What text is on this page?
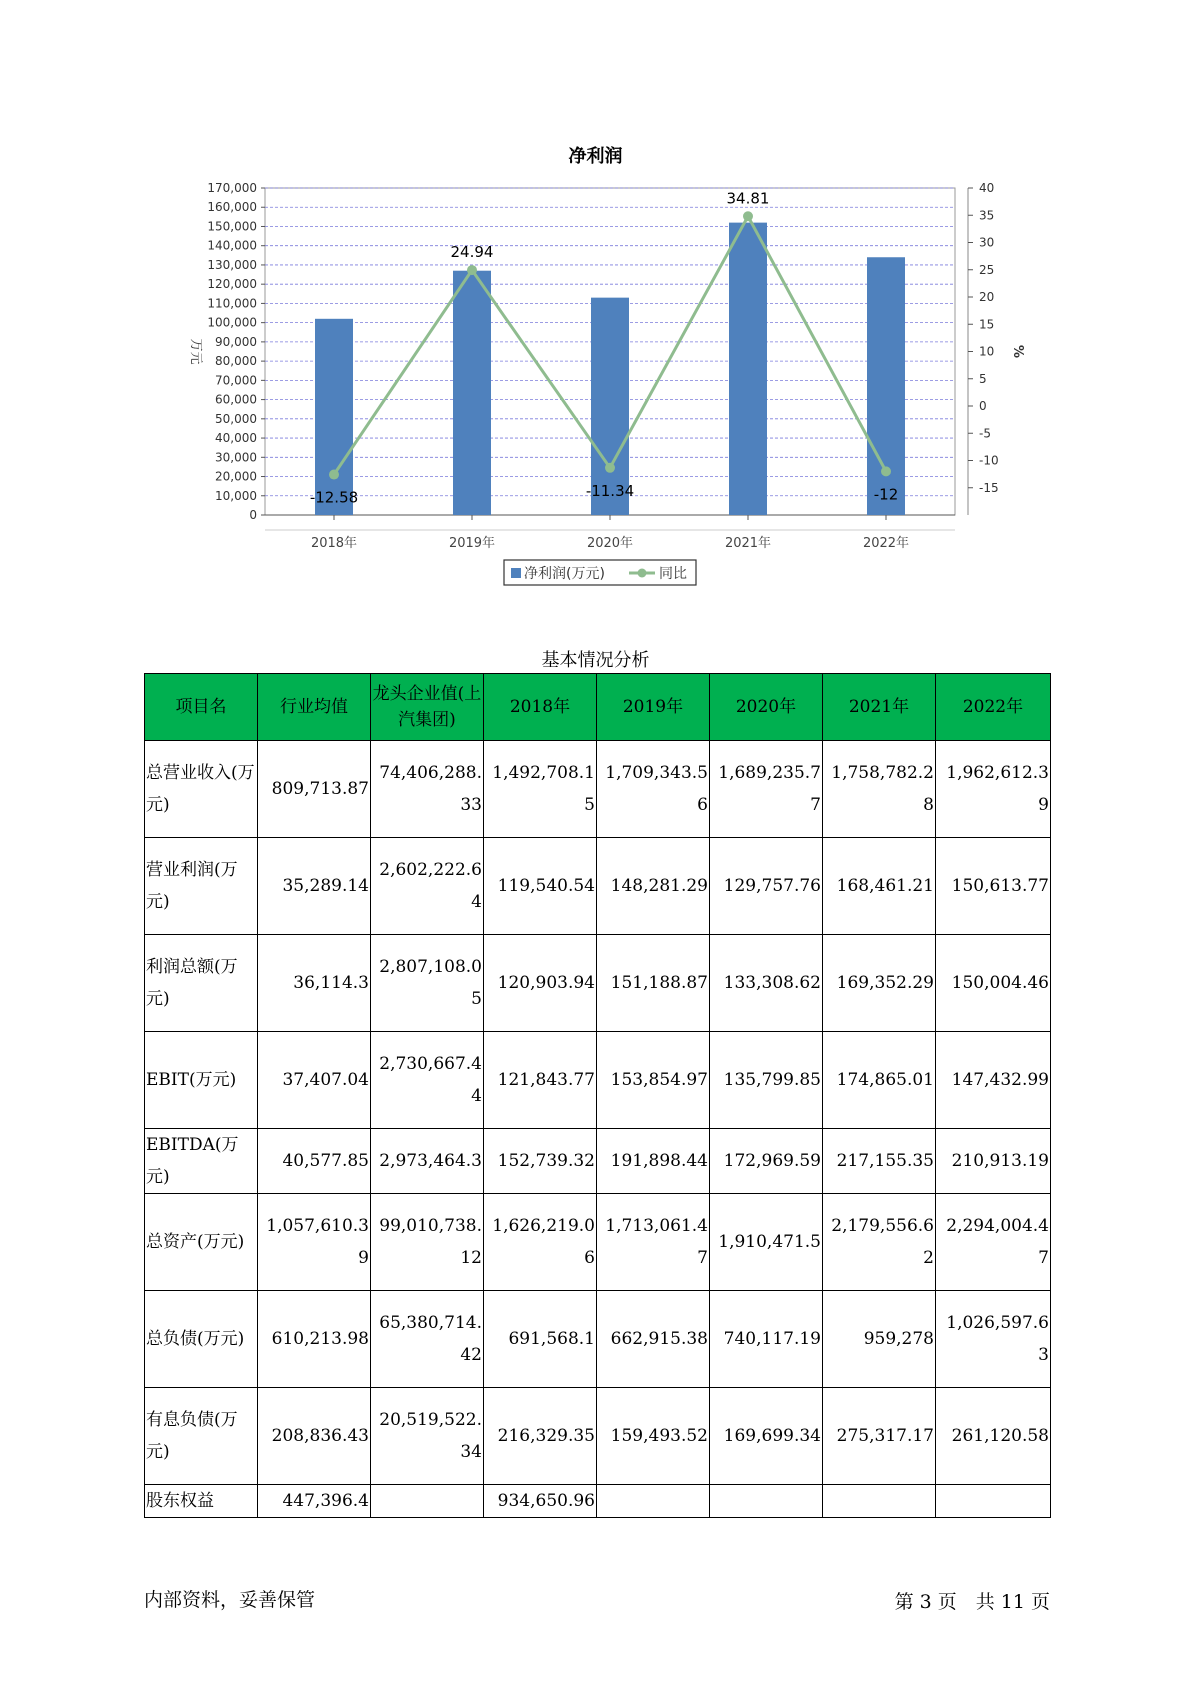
净利润
0
10,000
20,000
30,000
40,000
50,000
60,000
70,000
80,000
90,000
100,000
110,000
120,000
130,000
140,000
150,000
160,000
170,000
-15
-10
-5
0
5
10
15
20
25
30
35
40
万元	%
2018年	2019年	2020年	2021年	2022年
-12.58
24.94
-11.34
34.81
-12
净利润(万元)	同比
基本情况分析
项目名	行业均值	龙头企业值(上汽集团)	2018年	2019年	2020年	2021年	2022年
总营业收入(万元)	809,713.87	74,406,288.33	1,492,708.15	1,709,343.56	1,689,235.77	1,758,782.28	1,962,612.39
营业利润(万元)	35,289.14	2,602,222.64	119,540.54	148,281.29	129,757.76	168,461.21	150,613.77
利润总额(万元)	36,114.3	2,807,108.05	120,903.94	151,188.87	133,308.62	169,352.29	150,004.46
EBIT(万元)	37,407.04	2,730,667.44	121,843.77	153,854.97	135,799.85	174,865.01	147,432.99
EBITDA(万元)	40,577.85	2,973,464.3	152,739.32	191,898.44	172,969.59	217,155.35	210,913.19
总资产(万元)	1,057,610.39	99,010,738.12	1,626,219.06	1,713,061.47	1,910,471.5	2,179,556.62	2,294,004.47
总负债(万元)	610,213.98	65,380,714.42	691,568.1	662,915.38	740,117.19	959,278	1,026,597.63
有息负债(万元)	208,836.43	20,519,522.34	216,329.35	159,493.52	169,699.34	275,317.17	261,120.58
股东权益	447,396.4		934,650.96				
内部资料，妥善保管	第 3 页　共 11 页
